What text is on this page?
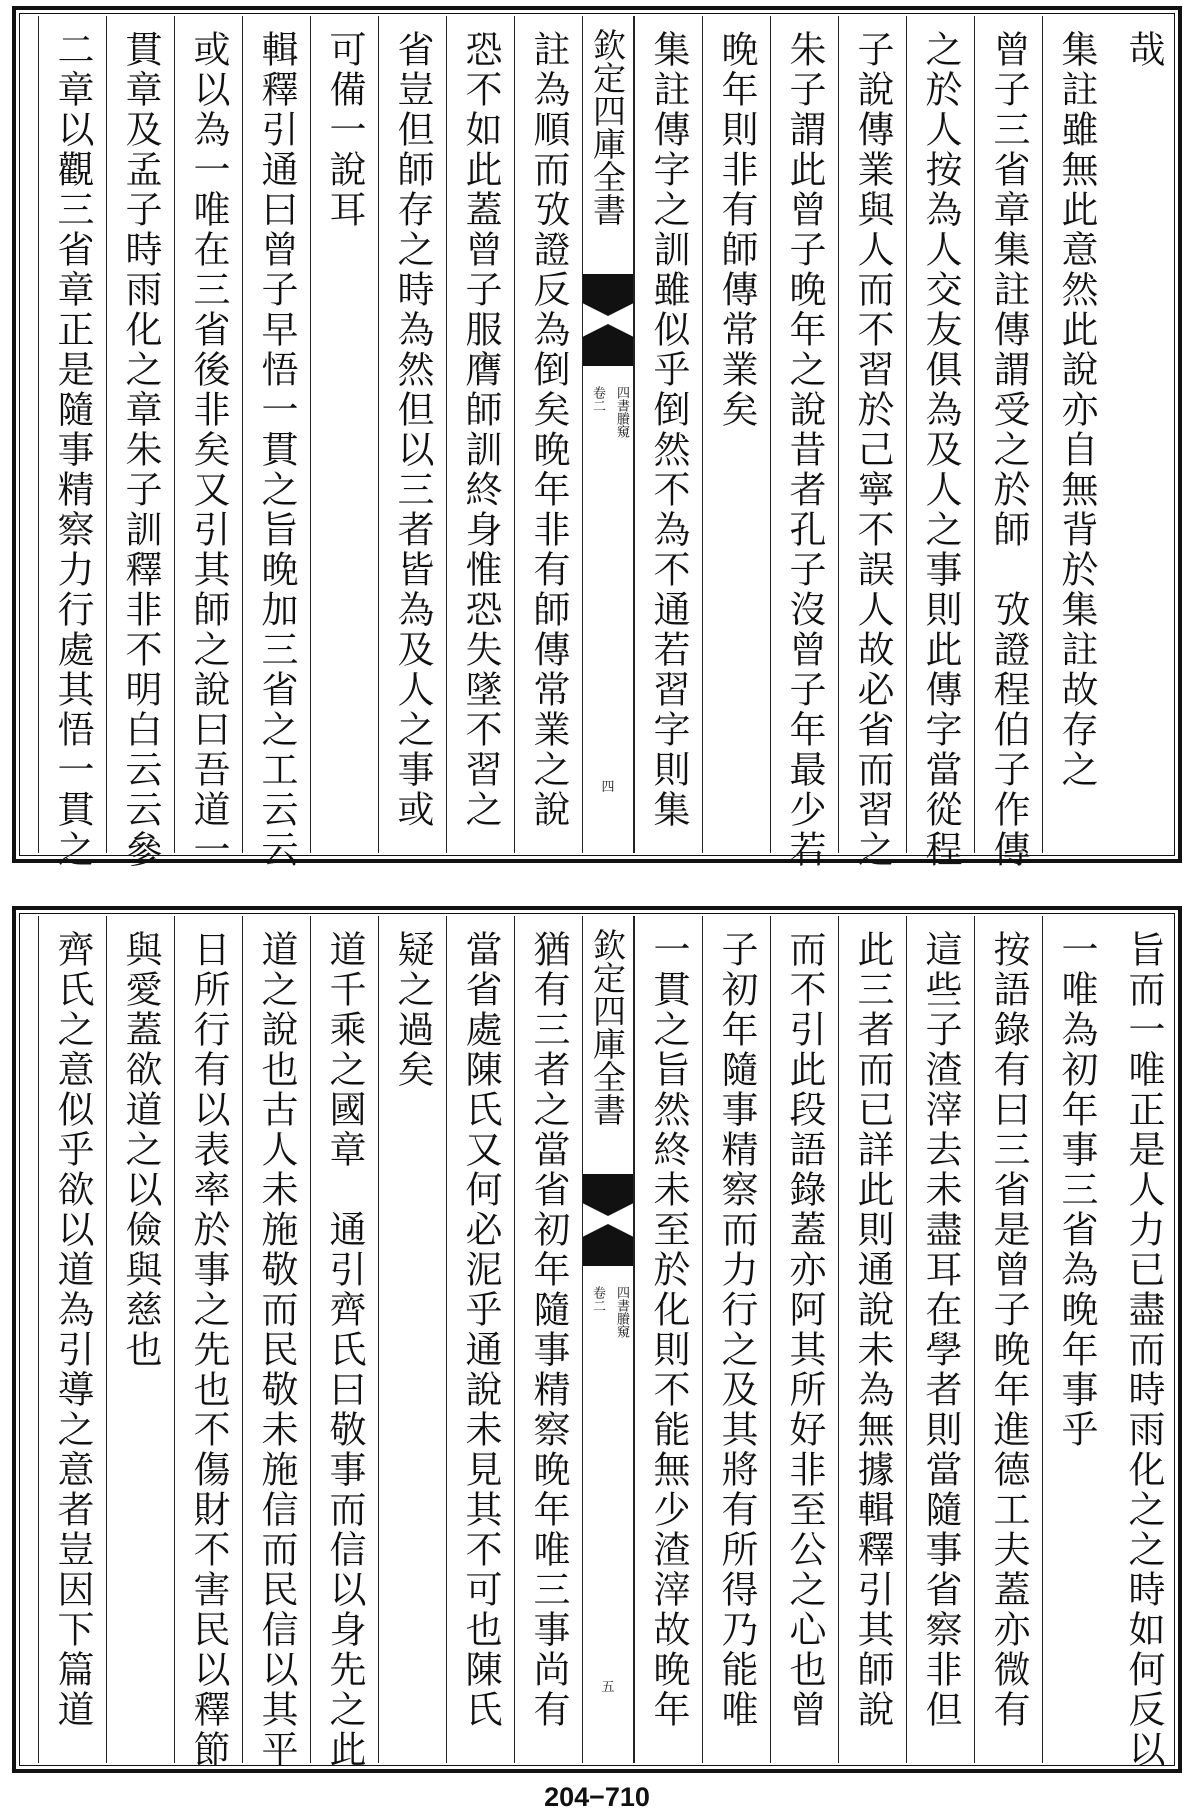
哉
集註雖無此意然此說亦自無背於集註故存之
曾子三省章集註傳謂受之於師　攷證程伯子作傳
之於人按為人交友俱為及人之事則此傳字當從程
子說傳業與人而不習於己寧不誤人故必省而習之
朱子謂此曾子晚年之說昔者孔子沒曾子年最少若
晚年則非有師傳常業矣
集註傳字之訓雖似乎倒然不為不通若習字則集
欽定四庫全書
四書賸窺
卷二
四
註為順而攷證反為倒矣晚年非有師傳常業之說
恐不如此蓋曾子服膺師訓終身惟恐失墜不習之
省豈但師存之時為然但以三者皆為及人之事或
可備一說耳
輯釋引通曰曾子早悟一貫之旨晚加三省之工云云
或以為一唯在三省後非矣又引其師之說曰吾道一
貫章及孟子時雨化之章朱子訓釋非不明白云云參
二章以觀三省章正是隨事精察力行處其悟一貫之
旨而一唯正是人力已盡而時雨化之之時如何反以
一唯為初年事三省為晚年事乎
按語錄有曰三省是曾子晚年進德工夫蓋亦微有
這些子渣滓去未盡耳在學者則當隨事省察非但
此三者而已詳此則通說未為無據輯釋引其師說
而不引此段語錄蓋亦阿其所好非至公之心也曾
子初年隨事精察而力行之及其將有所得乃能唯
一貫之旨然終未至於化則不能無少渣滓故晚年
欽定四庫全書
四書賸窺
卷二
五
猶有三者之當省初年隨事精察晚年唯三事尚有
當省處陳氏又何必泥乎通說未見其不可也陳氏
疑之過矣
道千乘之國章　通引齊氏曰敬事而信以身先之此
道之說也古人未施敬而民敬未施信而民信以其平
日所行有以表率於事之先也不傷財不害民以釋節
與愛蓋欲道之以儉與慈也
齊氏之意似乎欲以道為引導之意者豈因下篇道
204−710
